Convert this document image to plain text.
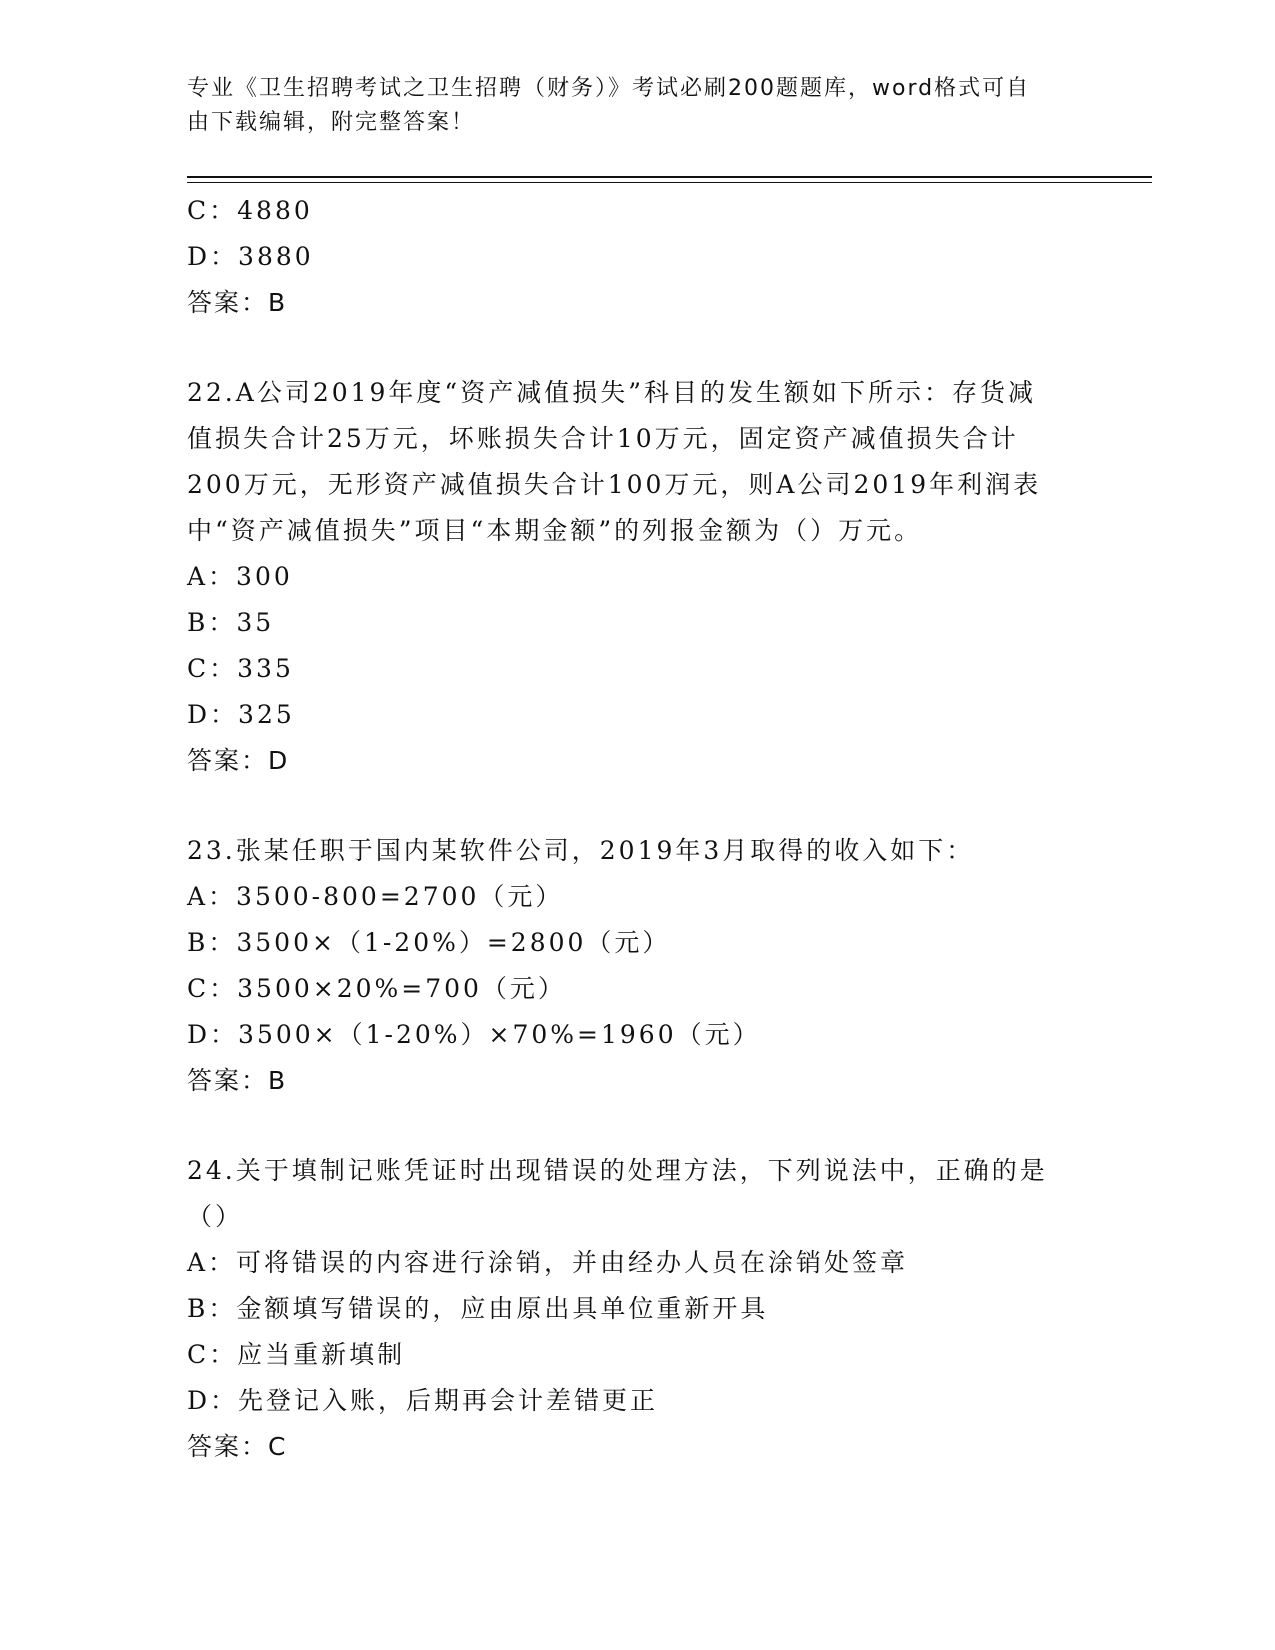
专业《卫生招聘考试之卫生招聘（财务）》考试必刷200题题库，word格式可自
由下载编辑，附完整答案！
C：4880
D：3880
答案：B
22.A公司2019年度“资产减值损失”科目的发生额如下所示：存货减
值损失合计25万元，坏账损失合计10万元，固定资产减值损失合计
200万元，无形资产减值损失合计100万元，则A公司2019年利润表
中“资产减值损失”项目“本期金额”的列报金额为（）万元。
A：300
B：35
C：335
D：325
答案：D
23.张某任职于国内某软件公司，2019年3月取得的收入如下：
A：3500-800=2700（元）
B：3500×（1-20%）=2800（元）
C：3500×20%=700（元）
D：3500×（1-20%）×70%=1960（元）
答案：B
24.关于填制记账凭证时出现错误的处理方法，下列说法中，正确的是
（）
A：可将错误的内容进行涂销，并由经办人员在涂销处签章
B：金额填写错误的，应由原出具单位重新开具
C：应当重新填制
D：先登记入账，后期再会计差错更正
答案：C
